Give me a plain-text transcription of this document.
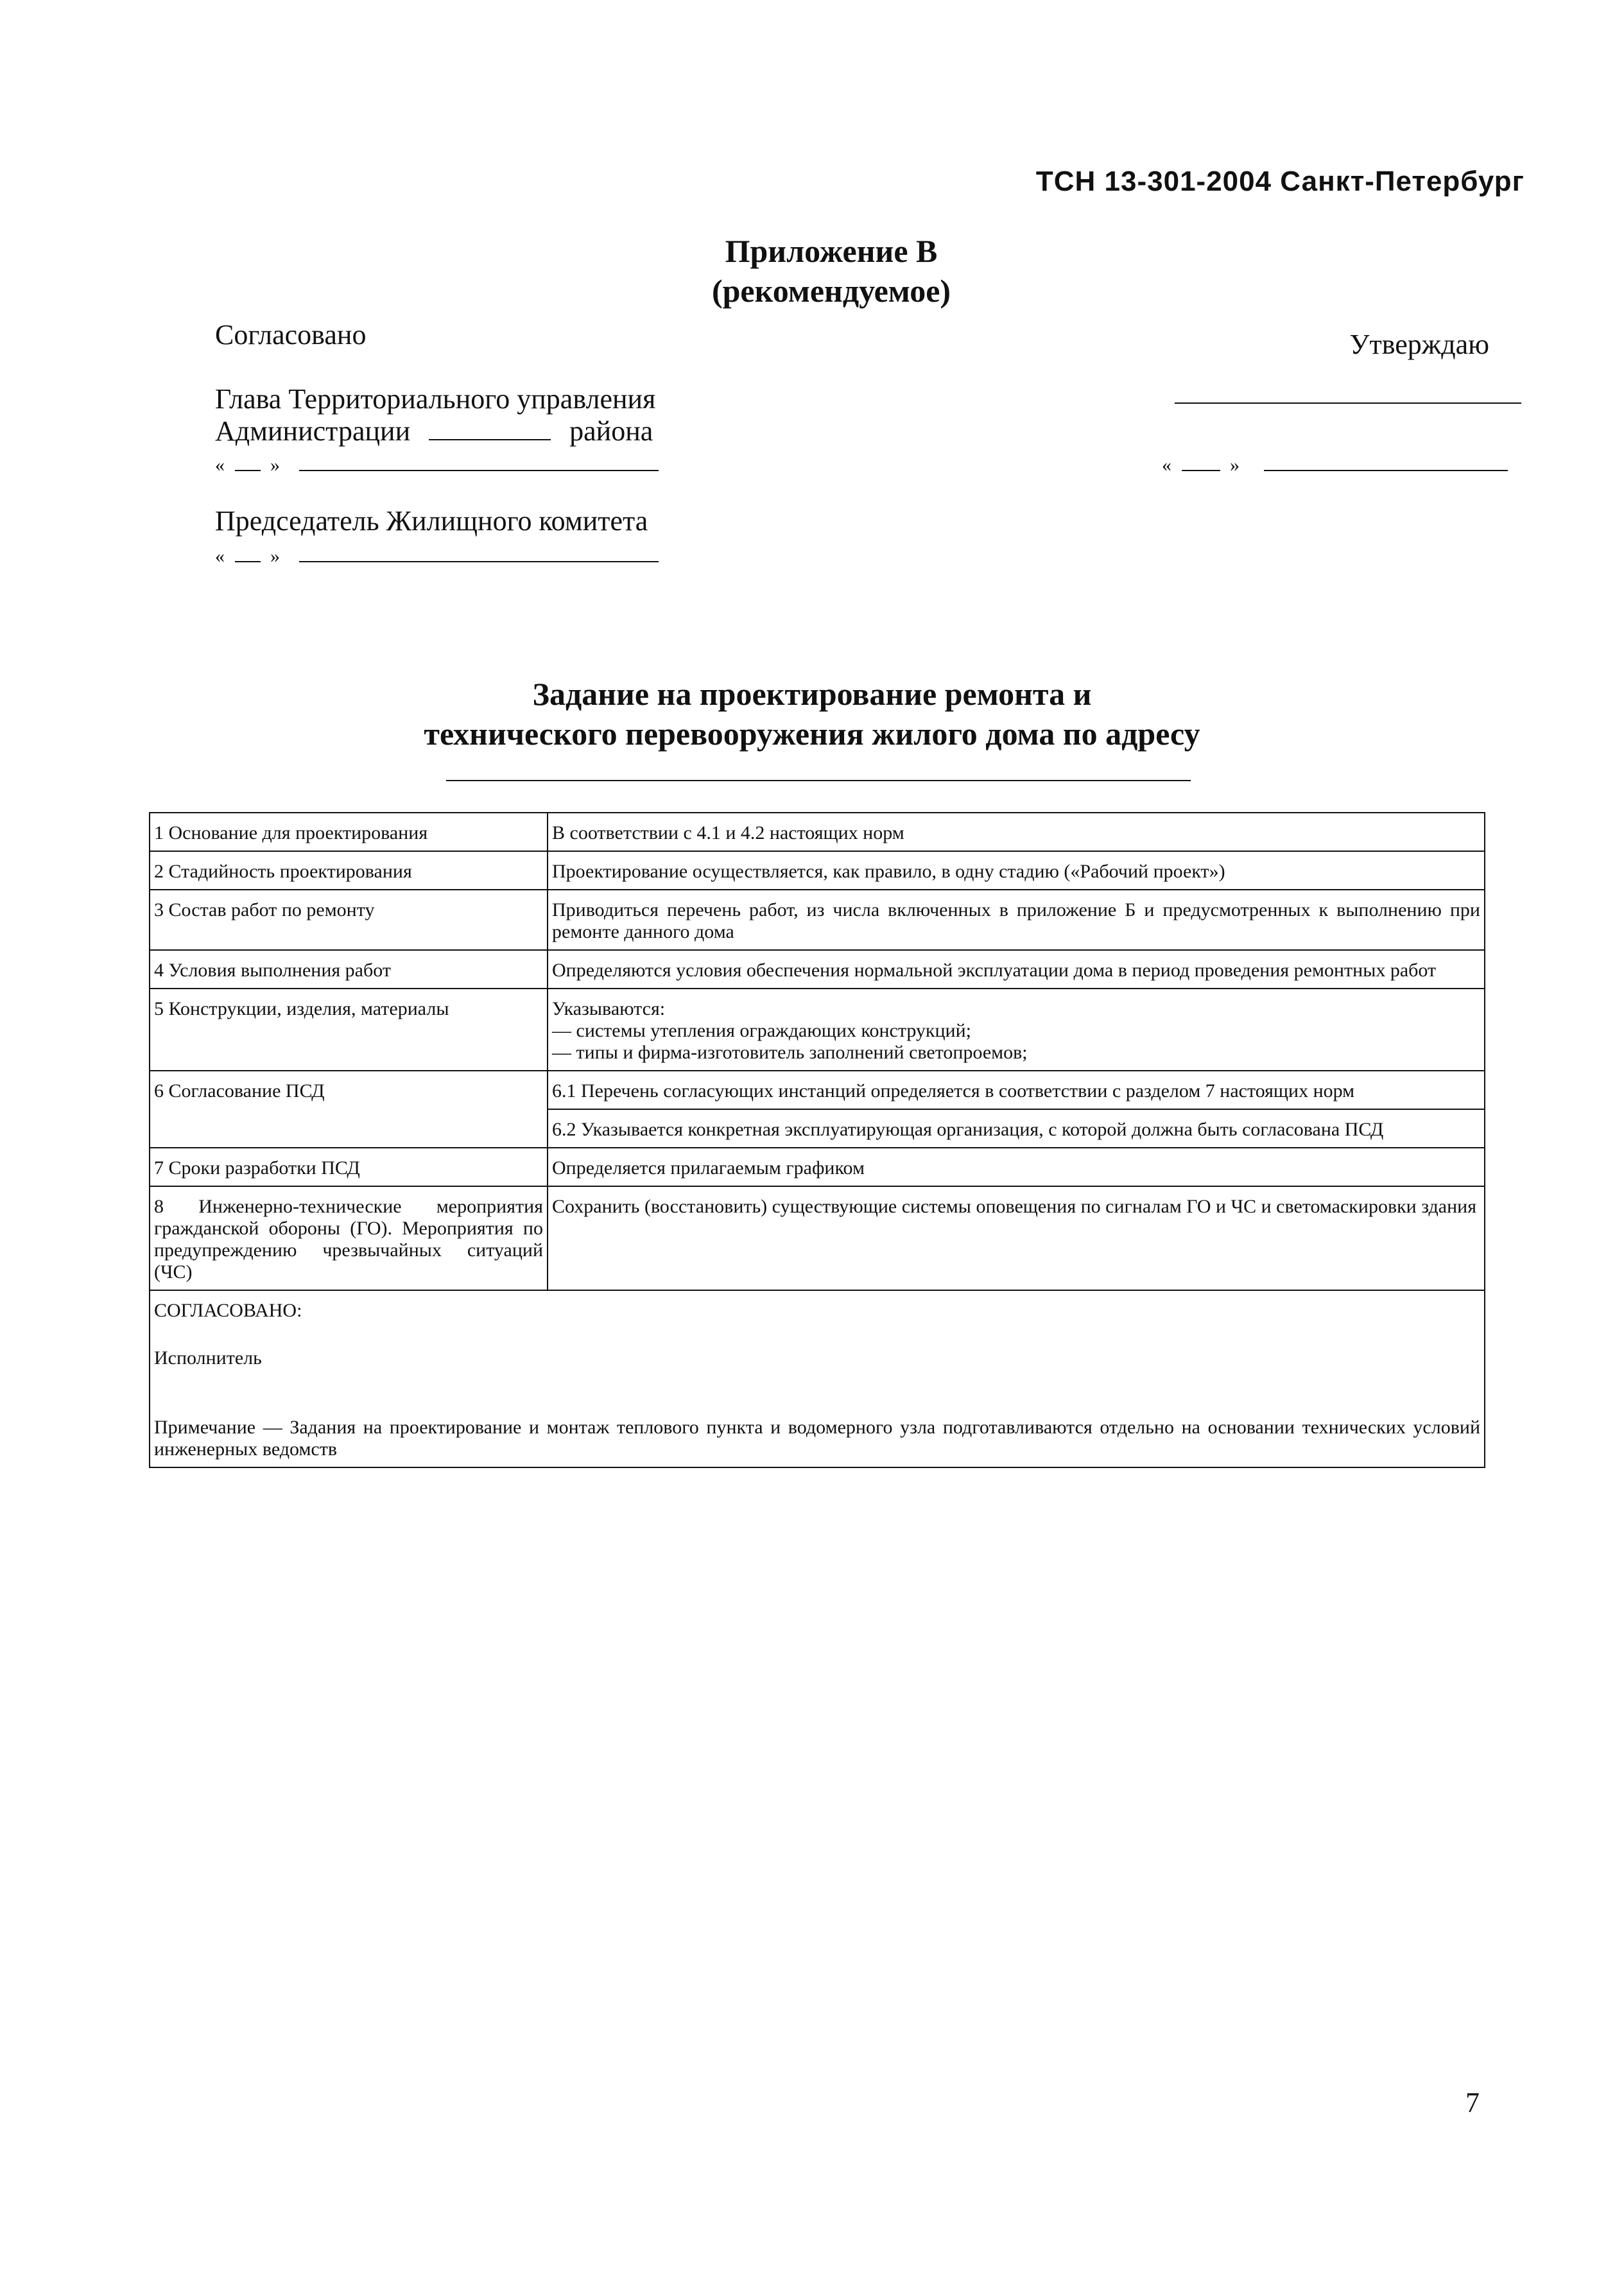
ТСН 13-301-2004 Санкт-Петербург
Приложение В
(рекомендуемое)
Согласовано
Глава Территориального управления
Администрации	района
« »
Председатель Жилищного комитета
« »
Утверждаю
«	»
Задание на проектирование ремонта и
технического перевооружения жилого дома по адресу
1 Основание для проектирования	В соответствии с 4.1 и 4.2 настоящих норм
2 Стадийность проектирования	Проектирование осуществляется, как правило, в одну стадию («Рабочий проект»)
3 Состав работ по ремонту	Приводиться перечень работ, из числа включенных в приложение Б и предусмотренных к выполнению при ремонте данного дома
4 Условия выполнения работ	Определяются условия обеспечения нормальной эксплуатации дома в период проведения ремонтных работ
5 Конструкции, изделия, материалы	Указываются:
— системы утепления ограждающих конструкций;
— типы и фирма-изготовитель заполнений светопроемов;

6 Согласование ПСД	6.1 Перечень согласующих инстанций определяется в соответствии с разделом 7 настоящих норм
	6.2 Указывается конкретная эксплуатирующая организация, с которой должна быть согласована ПСД
7 Сроки разработки ПСД	Определяется прилагаемым графиком
8 Инженерно-технические мероприятия гражданской обороны (ГО). Мероприятия по предупреждению чрезвычайных ситуаций (ЧС)	Сохранить (восстановить) существующие системы оповещения по сигналам ГО и ЧС и светомаскировки здания

СОГЛАСОВАНО:
Исполнитель
Примечание — Задания на проектирование и монтаж теплового пункта и водомерного узла подготавливаются отдельно на основании технических условий инженерных ведомств	
7
